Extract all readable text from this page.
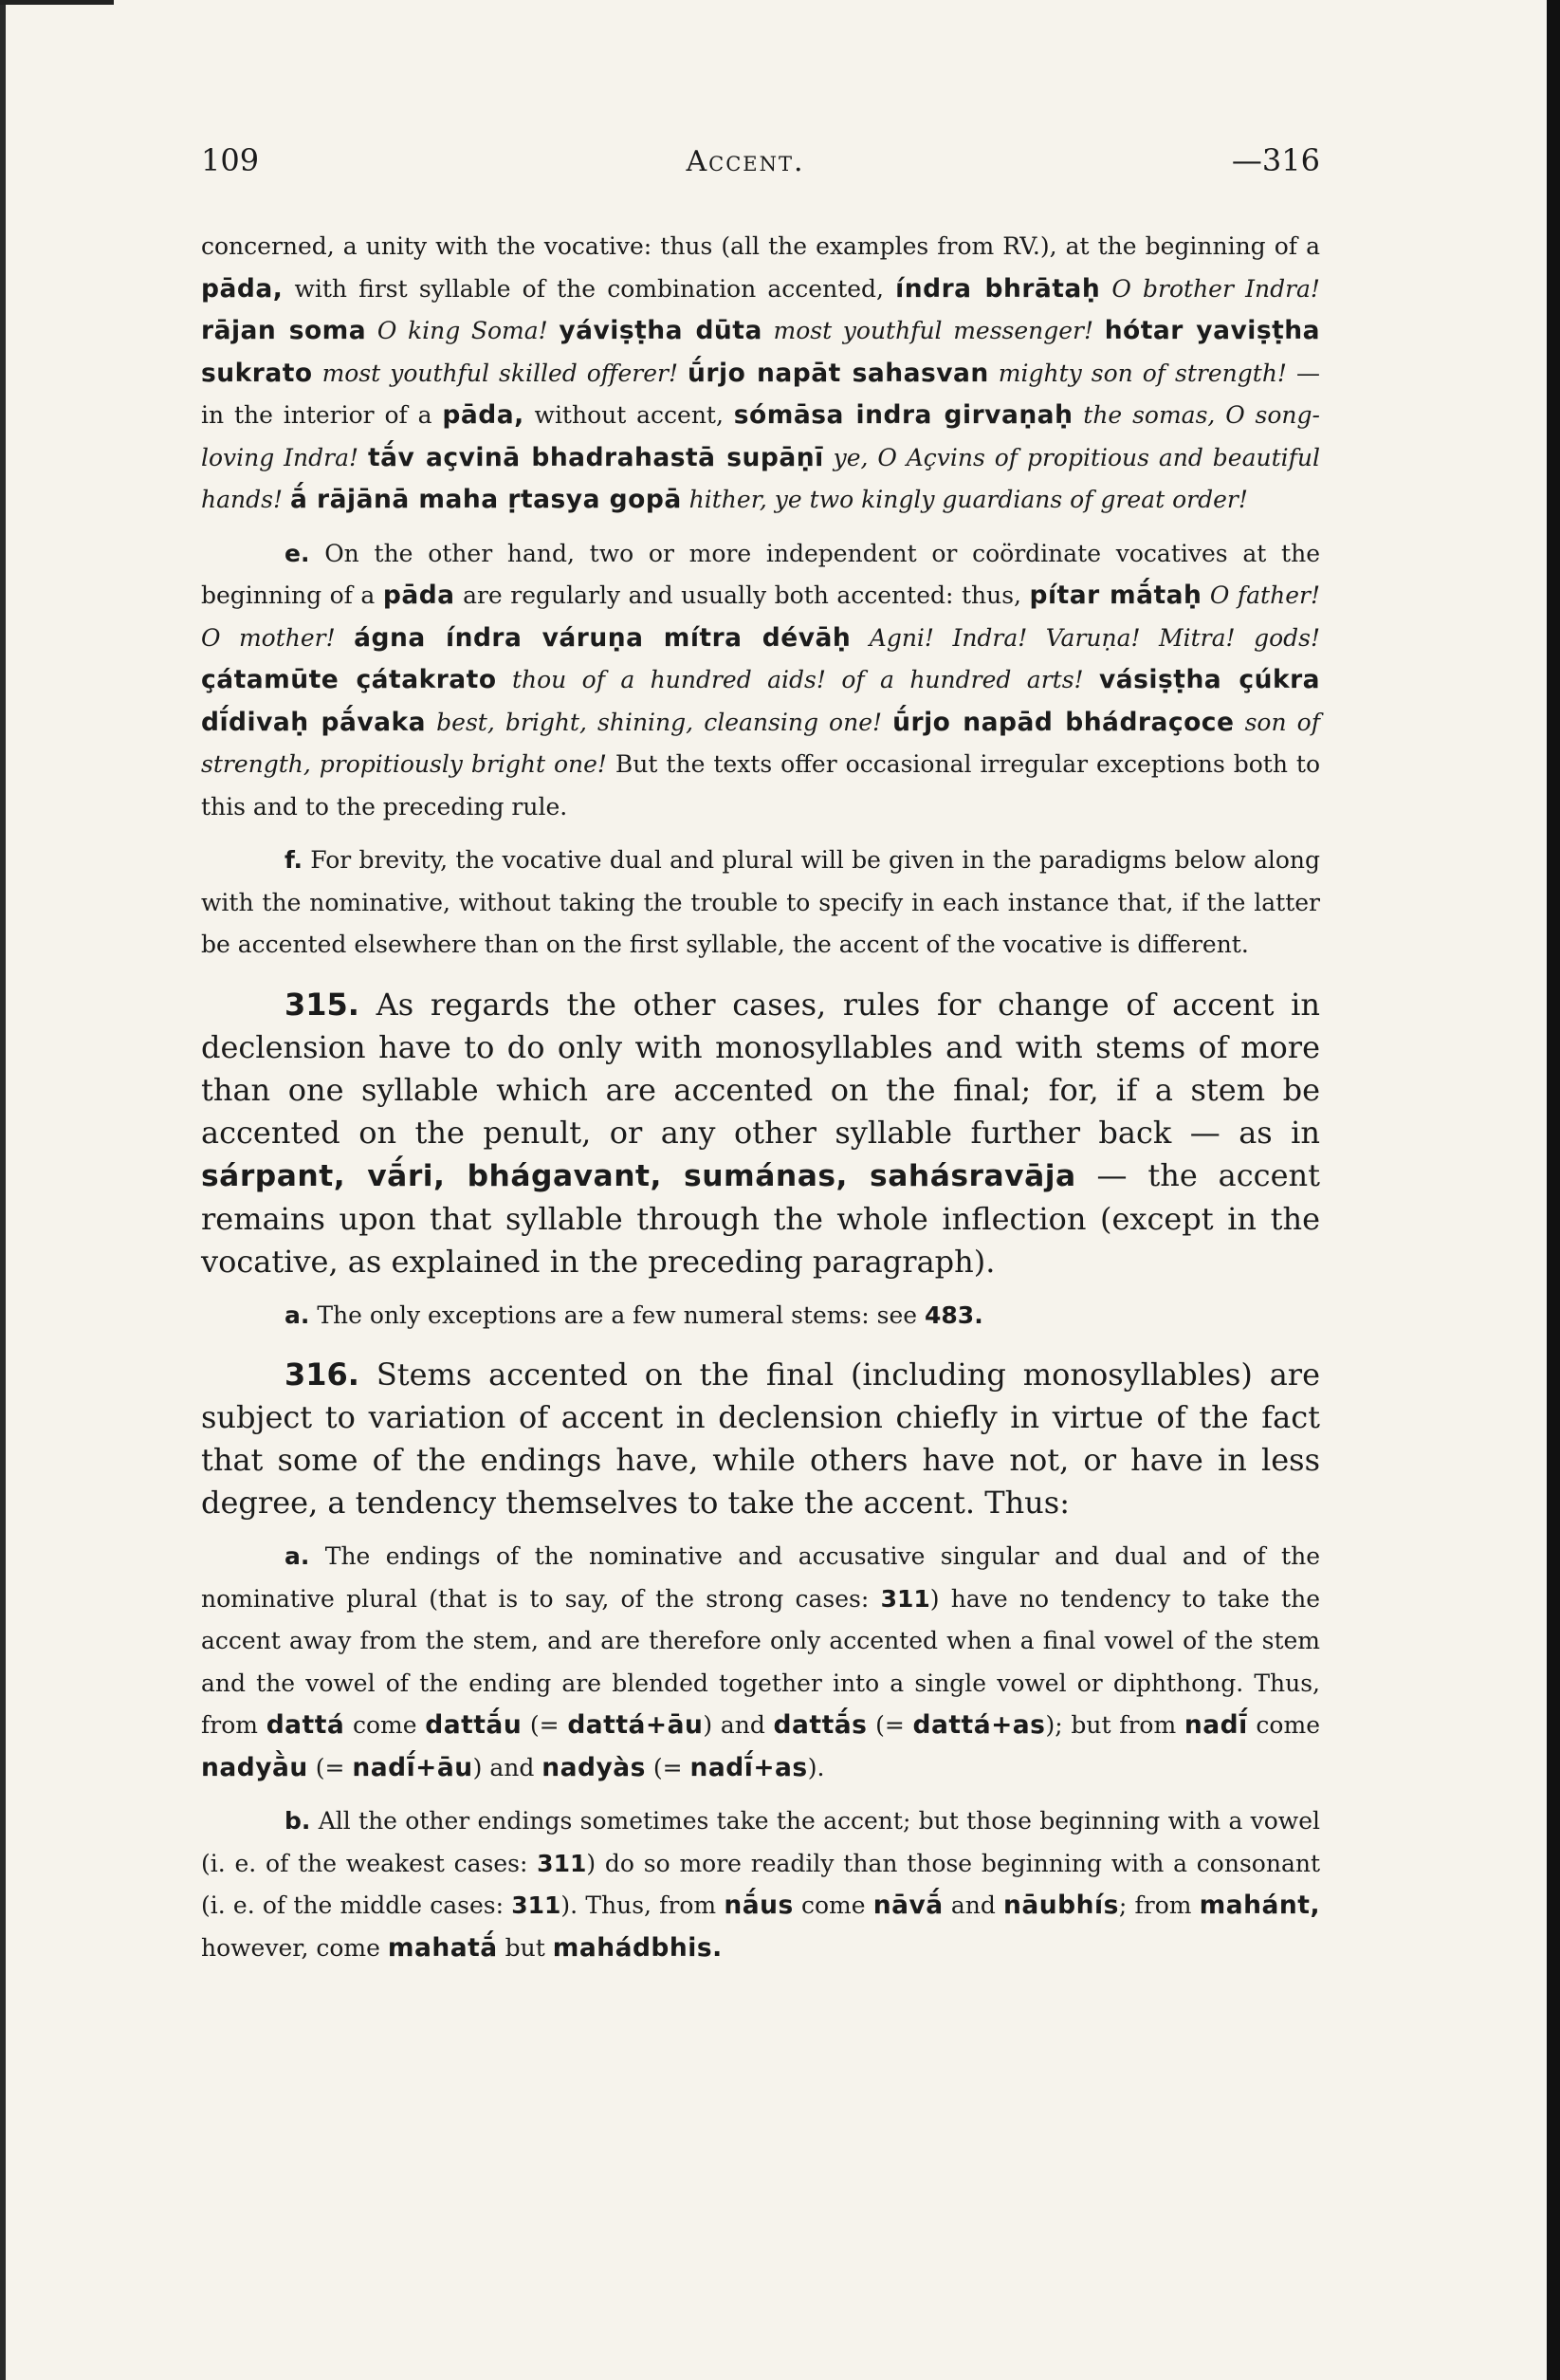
109	Accent.	—316

concerned, a unity with the vocative: thus (all the examples from RV.), at the beginning of a pāda, with first syllable of the combination accented, índra bhrātaḥ O brother Indra! rājan soma O king Soma! yáviṣṭha dūta most youthful messenger! hótar yaviṣṭha sukrato most youthful skilled offerer! ū́rjo napāt sahasvan mighty son of strength! — in the interior of a pāda, without accent, sómāsa indra girvaṇaḥ the somas, O song-loving Indra! tā́v açvinā bhadrahastā supāṇī ye, O Açvins of propitious and beautiful hands! ā́ rājānā maha ṛtasya gopā hither, ye two kingly guardians of great order!

e. On the other hand, two or more independent or coördinate vocatives at the beginning of a pāda are regularly and usually both accented: thus, pítar mā́taḥ O father! O mother! ágna índra váruṇa mítra dévāḥ Agni! Indra! Varuṇa! Mitra! gods! çátamūte çátakrato thou of a hundred aids! of a hundred arts! vásiṣṭha çúkra dī́divaḥ pā́vaka best, bright, shining, cleansing one! ū́rjo napād bhádraçoce son of strength, propitiously bright one! But the texts offer occasional irregular exceptions both to this and to the preceding rule.

f. For brevity, the vocative dual and plural will be given in the paradigms below along with the nominative, without taking the trouble to specify in each instance that, if the latter be accented elsewhere than on the first syllable, the accent of the vocative is different.

315. As regards the other cases, rules for change of accent in declension have to do only with monosyllables and with stems of more than one syllable which are accented on the final; for, if a stem be accented on the penult, or any other syllable further back — as in sárpant, vā́ri, bhágavant, sumánas, sahásravāja — the accent remains upon that syllable through the whole inflection (except in the vocative, as explained in the preceding paragraph).

a. The only exceptions are a few numeral stems: see 483.

316. Stems accented on the final (including monosyllables) are subject to variation of accent in declension chiefly in virtue of the fact that some of the endings have, while others have not, or have in less degree, a tendency themselves to take the accent. Thus:

a. The endings of the nominative and accusative singular and dual and of the nominative plural (that is to say, of the strong cases: 311) have no tendency to take the accent away from the stem, and are therefore only accented when a final vowel of the stem and the vowel of the ending are blended together into a single vowel or diphthong. Thus, from dattá come dattā́u (= dattá+āu) and dattā́s (= dattá+as); but from nadī́ come nadyā̀u (= nadī́+āu) and nadyàs (= nadī́+as).

b. All the other endings sometimes take the accent; but those beginning with a vowel (i. e. of the weakest cases: 311) do so more readily than those beginning with a consonant (i. e. of the middle cases: 311). Thus, from nā́us come nāvā́ and nāubhís; from mahánt, however, come mahatā́ but mahádbhis.
